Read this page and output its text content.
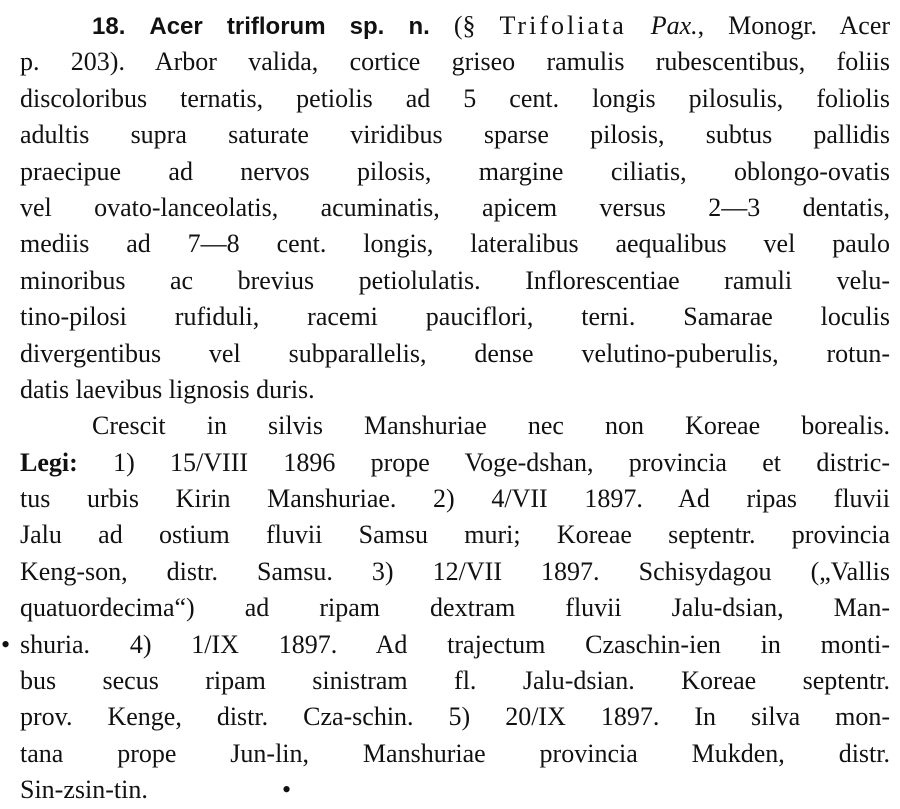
18. Acer triflorum sp. n. (§ Trifoliata Pax., Monogr. Acer
p. 203). Arbor valida, cortice griseo ramulis rubescentibus, foliis
discoloribus ternatis, petiolis ad 5 cent. longis pilosulis, foliolis
adultis supra saturate viridibus sparse pilosis, subtus pallidis
praecipue ad nervos pilosis, margine ciliatis, oblongo-ovatis
vel ovato-lanceolatis, acuminatis, apicem versus 2—3 dentatis,
mediis ad 7—8 cent. longis, lateralibus aequalibus vel paulo
minoribus ac brevius petiolulatis. Inflorescentiae ramuli velu-
tino-pilosi rufiduli, racemi pauciflori, terni. Samarae loculis
divergentibus vel subparallelis, dense velutino-puberulis, rotun-
datis laevibus lignosis duris.
Crescit in silvis Manshuriae nec non Koreae borealis.
Legi: 1) 15/VIII 1896 prope Voge-dshan, provincia et distric-
tus urbis Kirin Manshuriae. 2) 4/VII 1897. Ad ripas fluvii
Jalu ad ostium fluvii Samsu muri; Koreae septentr. provincia
Keng-son, distr. Samsu. 3) 12/VII 1897. Schisydagou („Vallis
quatuordecima“) ad ripam dextram fluvii Jalu-dsian, Man-
• shuria. 4) 1/IX 1897. Ad trajectum Czaschin-ien in monti-
bus secus ripam sinistram fl. Jalu-dsian. Koreae septentr.
prov. Kenge, distr. Cza-schin. 5) 20/IX 1897. In silva mon-
tana prope Jun-lin, Manshuriae provincia Mukden, distr.
Sin-zsin-tin.	•
